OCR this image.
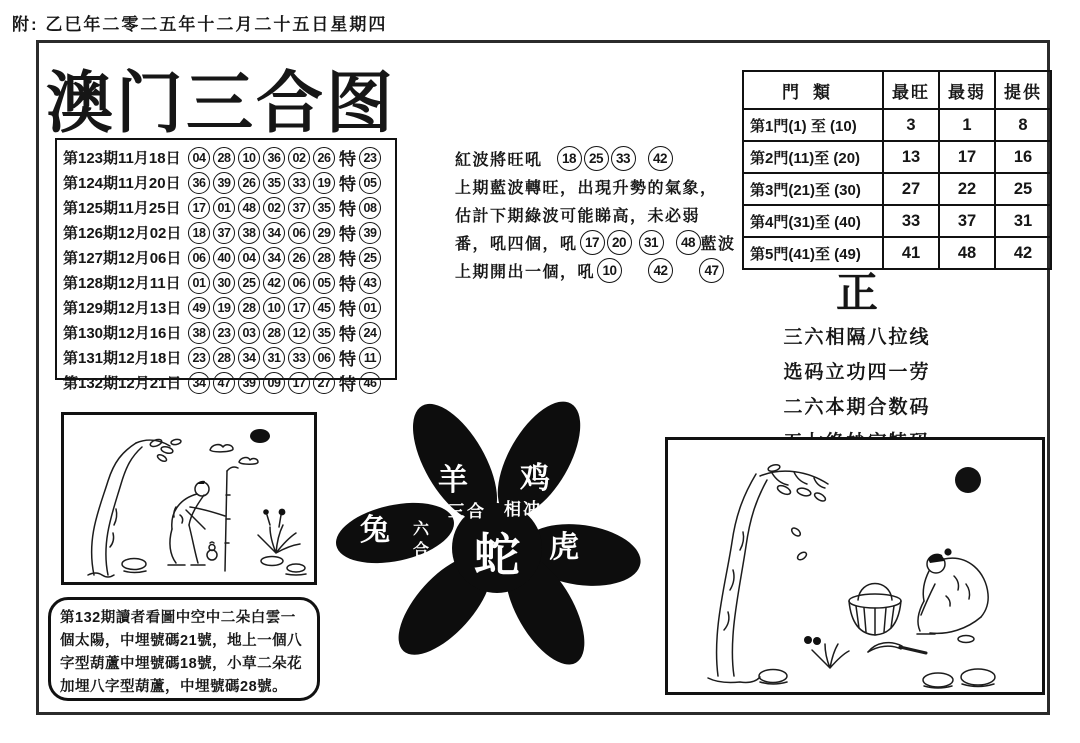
附: 乙巳年二零二五年十二月二十五日星期四
澳门三合图
第123期11月18日 04 28 10 36 02 26 特 23
第124期11月20日 36 39 26 35 33 19 特 05
第125期11月25日 17 01 48 02 37 35 特 08
第126期12月02日 18 37 38 34 06 29 特 39
第127期12月06日 06 40 04 34 26 28 特 25
第128期12月11日 01 30 25 42 06 05 特 43
第129期12月13日 49 19 28 10 17 45 特 01
第130期12月16日 38 23 03 28 12 35 特 24
第131期12月18日 23 28 34 31 33 06 特 11
第132期12月21日 34 47 39 09 17 27 特 46
紅波將旺吼	18 25 33	42
上期藍波轉旺，出現升勢的氣象，
估計下期綠波可能睇高，未必弱
番，吼四個，吼 17 20	31	48 藍波
上期開出一個，吼 10	42	47
門類	最旺	最弱	提供
第1門(1) 至 (10)	3	1	8
第2門(11)至 (20)	13	17	16
第3門(21)至 (30)	27	22	25
第4門(31)至 (40)	33	37	31
第5門(41)至 (49)	41	48	42
正
三六相隔八拉线
选码立功四一劳
二六本期合数码
第132期讀者看圖中空中二朵白雲一個太陽，中埋號碼21號，地上一個八字型葫蘆中埋號碼18號，小草二朵花加埋八字型葫蘆，中埋號碼28號。
羊 鸡
三合 相冲
兔 六
合 蛇 虎
